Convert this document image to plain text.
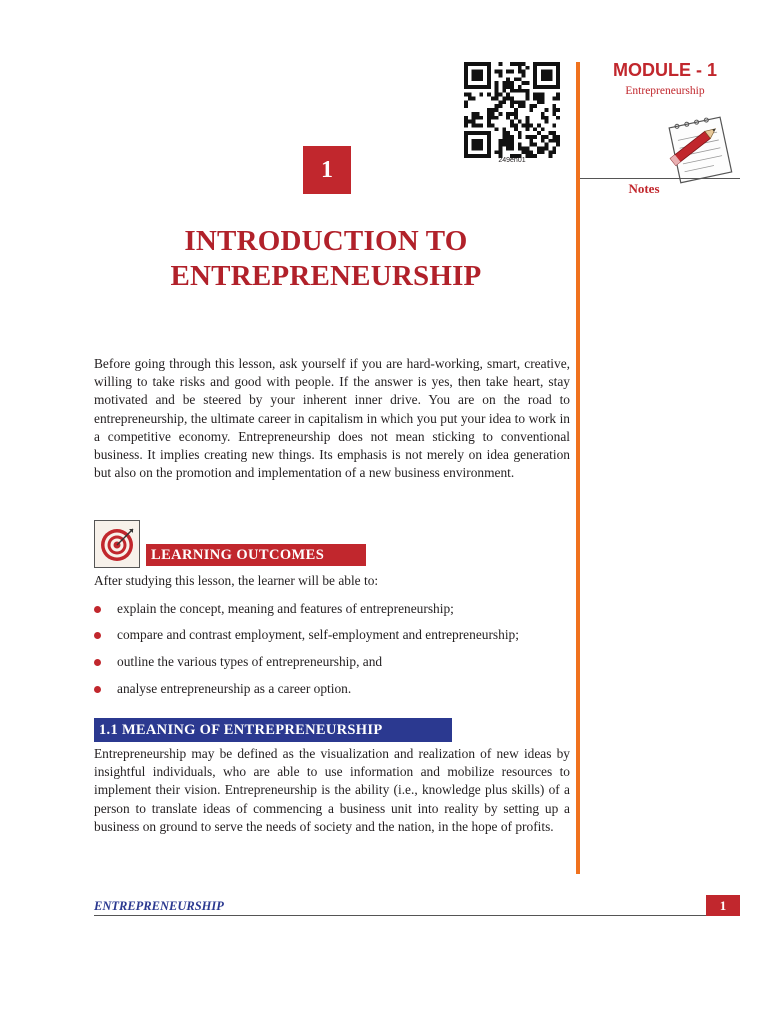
249en01
1
INTRODUCTION TO
ENTREPRENEURSHIP
MODULE - 1
Entrepreneurship
Notes
Before going through this lesson, ask yourself if you are hard-working, smart, creative, willing to take risks and good with people. If the answer is yes, then take heart, stay motivated and be steered by your inherent inner drive. You are on the road to entrepreneurship, the ultimate career in capitalism in which you put your idea to work in a competitive economy. Entrepreneurship does not mean sticking to conventional business. It implies creating new things. Its emphasis is not merely on idea generation but also on the promotion and implementation of a new business environment.
LEARNING OUTCOMES
After studying this lesson, the learner will be able to:
explain the concept, meaning and features of entrepreneurship;
compare and contrast employment, self-employment and entrepreneurship;
outline the various types of entrepreneurship, and
analyse entrepreneurship as a career option.
1.1 MEANING OF ENTREPRENEURSHIP
Entrepreneurship may be defined as the visualization and realization of new ideas by insightful individuals, who are able to use information and mobilize resources to implement their vision. Entrepreneurship is the ability (i.e., knowledge plus skills) of a person to translate ideas of commencing a business unit into reality by setting up a business on ground to serve the needs of society and the nation, in the hope of profits.
ENTREPRENEURSHIP	1
